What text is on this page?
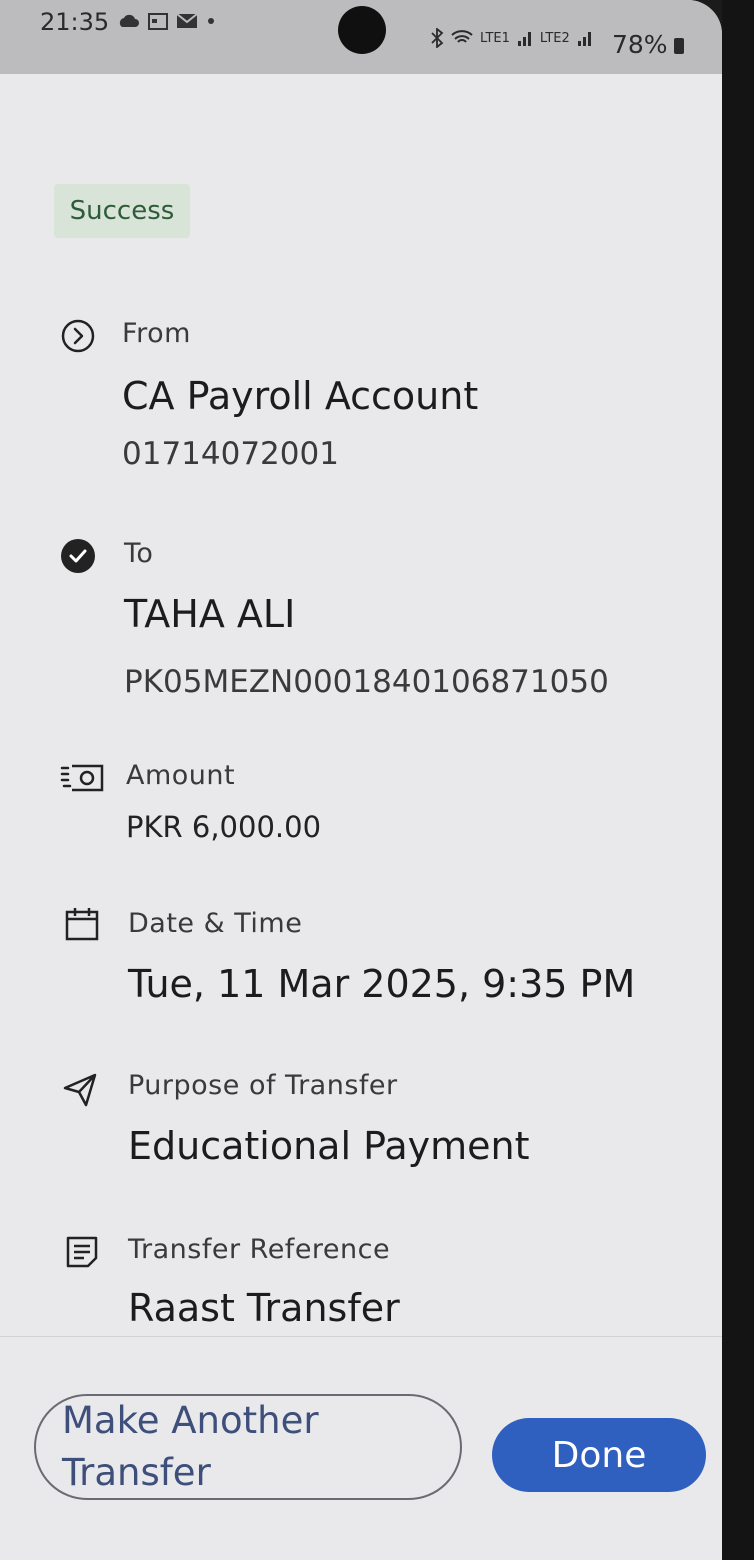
21:35
LTE1 LTE2 78%
Success
From
CA Payroll Account
01714072001
To
TAHA ALI
PK05MEZN0001840106871050
Amount
PKR 6,000.00
Date & Time
Tue, 11 Mar 2025, 9:35 PM
Purpose of Transfer
Educational Payment
Transfer Reference
Raast Transfer
Make Another Transfer	Done
